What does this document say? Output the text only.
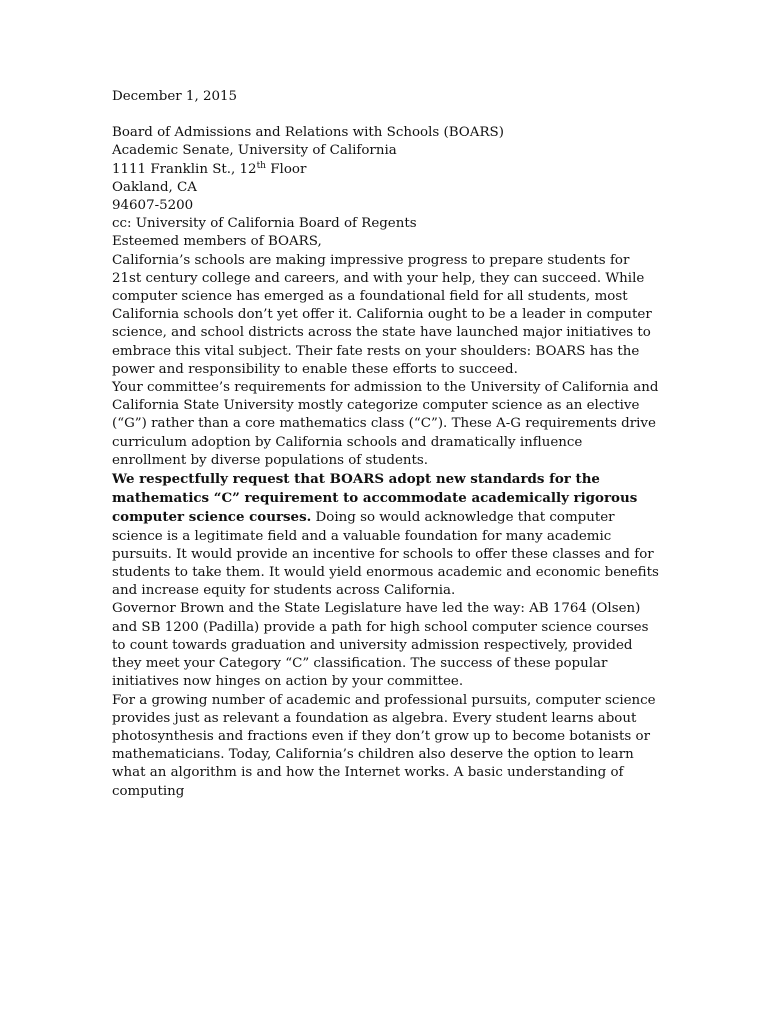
December 1, 2015

Board of Admissions and Relations with Schools (BOARS)

Academic Senate, University of California

1111 Franklin St., 12th Floor

Oakland, CA

94607-5200

cc: University of California Board of Regents

Esteemed members of BOARS,

California’s schools are making impressive progress to prepare students for 21st century college and careers, and with your help, they can succeed. While computer science has emerged as a foundational field for all students, most California schools don’t yet offer it. California ought to be a leader in computer science, and school districts across the state have launched major initiatives to embrace this vital subject. Their fate rests on your shoulders: BOARS has the power and responsibility to enable these efforts to succeed.

Your committee’s requirements for admission to the University of California and California State University mostly categorize computer science as an elective (“G”) rather than a core mathematics class (“C”). These A-G requirements drive curriculum adoption by California schools and dramatically influence enrollment by diverse populations of students.

We respectfully request that BOARS adopt new standards for the mathematics “C” requirement to accommodate academically rigorous computer science courses. Doing so would acknowledge that computer science is a legitimate field and a valuable foundation for many academic pursuits. It would provide an incentive for schools to offer these classes and for students to take them. It would yield enormous academic and economic benefits and increase equity for students across California.

Governor Brown and the State Legislature have led the way: AB 1764 (Olsen) and SB 1200 (Padilla) provide a path for high school computer science courses to count towards graduation and university admission respectively, provided they meet your Category “C” classification. The success of these popular initiatives now hinges on action by your committee.

For a growing number of academic and professional pursuits, computer science provides just as relevant a foundation as algebra. Every student learns about photosynthesis and fractions even if they don’t grow up to become botanists or mathematicians. Today, California’s children also deserve the option to learn what an algorithm is and how the Internet works. A basic understanding of computing
